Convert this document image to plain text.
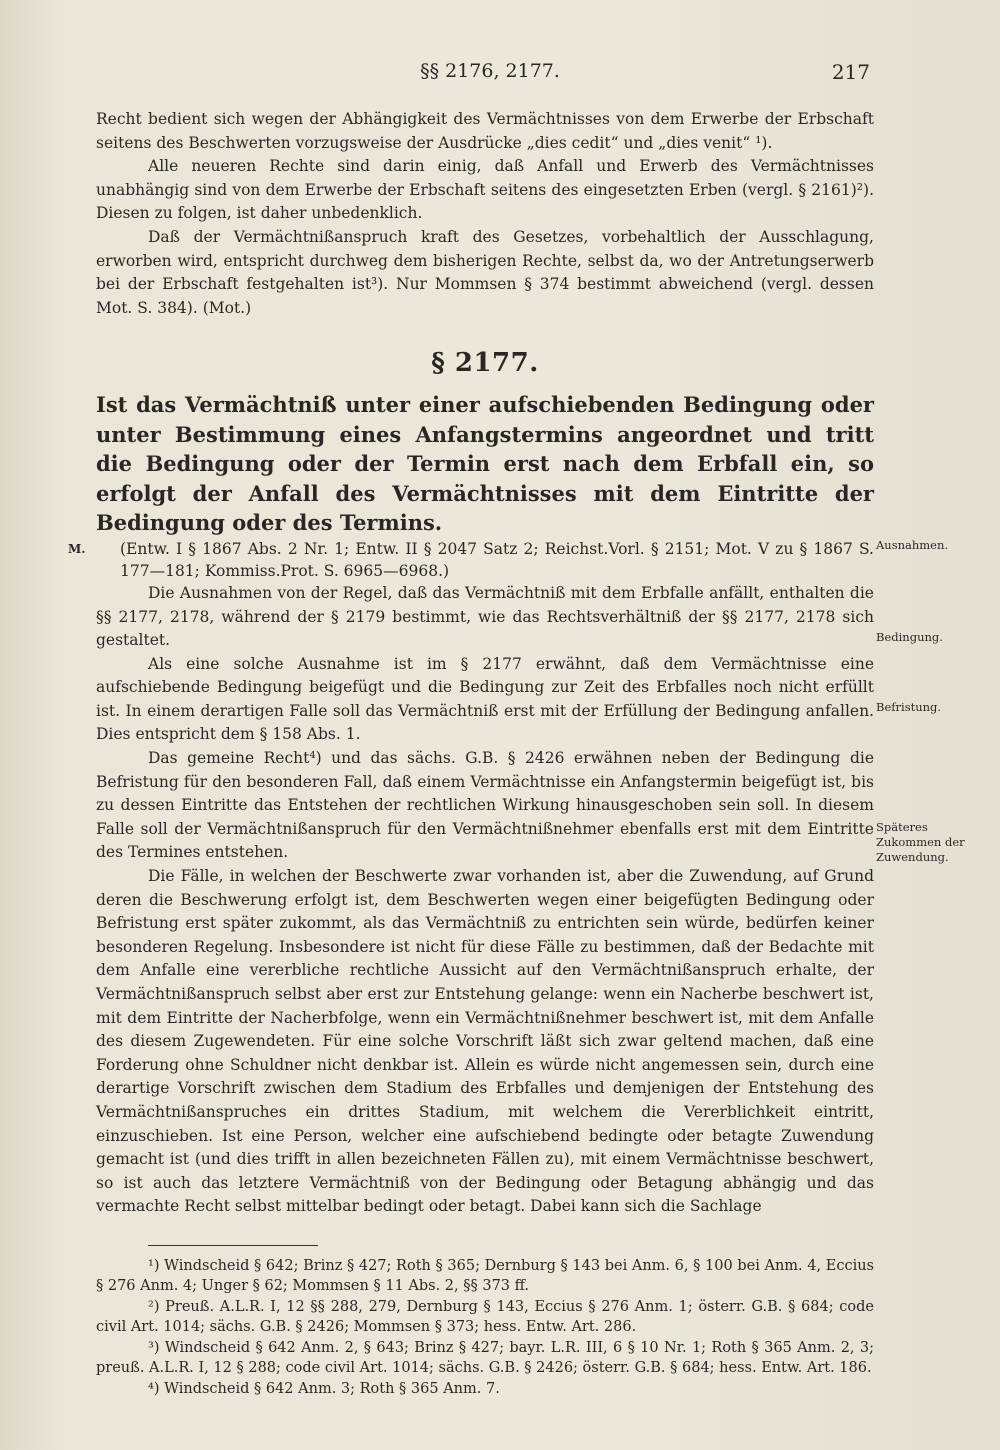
§§ 2176, 2177.	217

Recht bedient sich wegen der Abhängigkeit des Vermächtnisses von dem Erwerbe der Erbschaft seitens des Beschwerten vorzugsweise der Ausdrücke „dies cedit“ und „dies venit“ ¹).

Alle neueren Rechte sind darin einig, daß Anfall und Erwerb des Vermächtnisses unabhängig sind von dem Erwerbe der Erbschaft seitens des eingesetzten Erben (vergl. § 2161)²). Diesen zu folgen, ist daher unbedenklich.

Daß der Vermächtnißanspruch kraft des Gesetzes, vorbehaltlich der Ausschlagung, erworben wird, entspricht durchweg dem bisherigen Rechte, selbst da, wo der Antretungserwerb bei der Erbschaft festgehalten ist³). Nur Mommsen § 374 bestimmt abweichend (vergl. dessen Mot. S. 384). (Mot.)

§ 2177.

Ist das Vermächtniß unter einer aufschiebenden Bedingung oder unter Bestimmung eines Anfangstermins angeordnet und tritt die Bedingung oder der Termin erst nach dem Erbfall ein, so erfolgt der Anfall des Vermächtnisses mit dem Eintritte der Bedingung oder des Termins.

(Entw. I § 1867 Abs. 2 Nr. 1; Entw. II § 2047 Satz 2; Reichst.Vorl. § 2151; Mot. V zu § 1867 S. 177—181; Kommiss.Prot. S. 6965—6968.)

Die Ausnahmen von der Regel, daß das Vermächtniß mit dem Erbfalle anfällt, enthalten die §§ 2177, 2178, während der § 2179 bestimmt, wie das Rechtsverhältniß der §§ 2177, 2178 sich gestaltet.

Als eine solche Ausnahme ist im § 2177 erwähnt, daß dem Vermächtnisse eine aufschiebende Bedingung beigefügt und die Bedingung zur Zeit des Erbfalles noch nicht erfüllt ist. In einem derartigen Falle soll das Vermächtniß erst mit der Erfüllung der Bedingung anfallen. Dies entspricht dem § 158 Abs. 1.

Das gemeine Recht⁴) und das sächs. G.B. § 2426 erwähnen neben der Bedingung die Befristung für den besonderen Fall, daß einem Vermächtnisse ein Anfangstermin beigefügt ist, bis zu dessen Eintritte das Entstehen der rechtlichen Wirkung hinausgeschoben sein soll. In diesem Falle soll der Vermächtnißanspruch für den Vermächtnißnehmer ebenfalls erst mit dem Eintritte des Termines entstehen.

Die Fälle, in welchen der Beschwerte zwar vorhanden ist, aber die Zuwendung, auf Grund deren die Beschwerung erfolgt ist, dem Beschwerten wegen einer beigefügten Bedingung oder Befristung erst später zukommt, als das Vermächtniß zu entrichten sein würde, bedürfen keiner besonderen Regelung. Insbesondere ist nicht für diese Fälle zu bestimmen, daß der Bedachte mit dem Anfalle eine vererbliche rechtliche Aussicht auf den Vermächtnißanspruch erhalte, der Vermächtnißanspruch selbst aber erst zur Entstehung gelange: wenn ein Nacherbe beschwert ist, mit dem Eintritte der Nacherbfolge, wenn ein Vermächtnißnehmer beschwert ist, mit dem Anfalle des diesem Zugewendeten. Für eine solche Vorschrift läßt sich zwar geltend machen, daß eine Forderung ohne Schuldner nicht denkbar ist. Allein es würde nicht angemessen sein, durch eine derartige Vorschrift zwischen dem Stadium des Erbfalles und demjenigen der Entstehung des Vermächtnißanspruches ein drittes Stadium, mit welchem die Vererblichkeit eintritt, einzuschieben. Ist eine Person, welcher eine aufschiebend bedingte oder betagte Zuwendung gemacht ist (und dies trifft in allen bezeichneten Fällen zu), mit einem Vermächtnisse beschwert, so ist auch das letztere Vermächtniß von der Bedingung oder Betagung abhängig und das vermachte Recht selbst mittelbar bedingt oder betagt. Dabei kann sich die Sachlage

¹) Windscheid § 642; Brinz § 427; Roth § 365; Dernburg § 143 bei Anm. 6, § 100 bei Anm. 4, Eccius § 276 Anm. 4; Unger § 62; Mommsen § 11 Abs. 2, §§ 373 ff.

²) Preuß. A.L.R. I, 12 §§ 288, 279, Dernburg § 143, Eccius § 276 Anm. 1; österr. G.B. § 684; code civil Art. 1014; sächs. G.B. § 2426; Mommsen § 373; hess. Entw. Art. 286.

³) Windscheid § 642 Anm. 2, § 643; Brinz § 427; bayr. L.R. III, 6 § 10 Nr. 1; Roth § 365 Anm. 2, 3; preuß. A.L.R. I, 12 § 288; code civil Art. 1014; sächs. G.B. § 2426; österr. G.B. § 684; hess. Entw. Art. 186.

⁴) Windscheid § 642 Anm. 3; Roth § 365 Anm. 7.

M.	Ausnahmen.
Bedingung.
Befristung.
Späteres Zukommen der Zuwendung.
